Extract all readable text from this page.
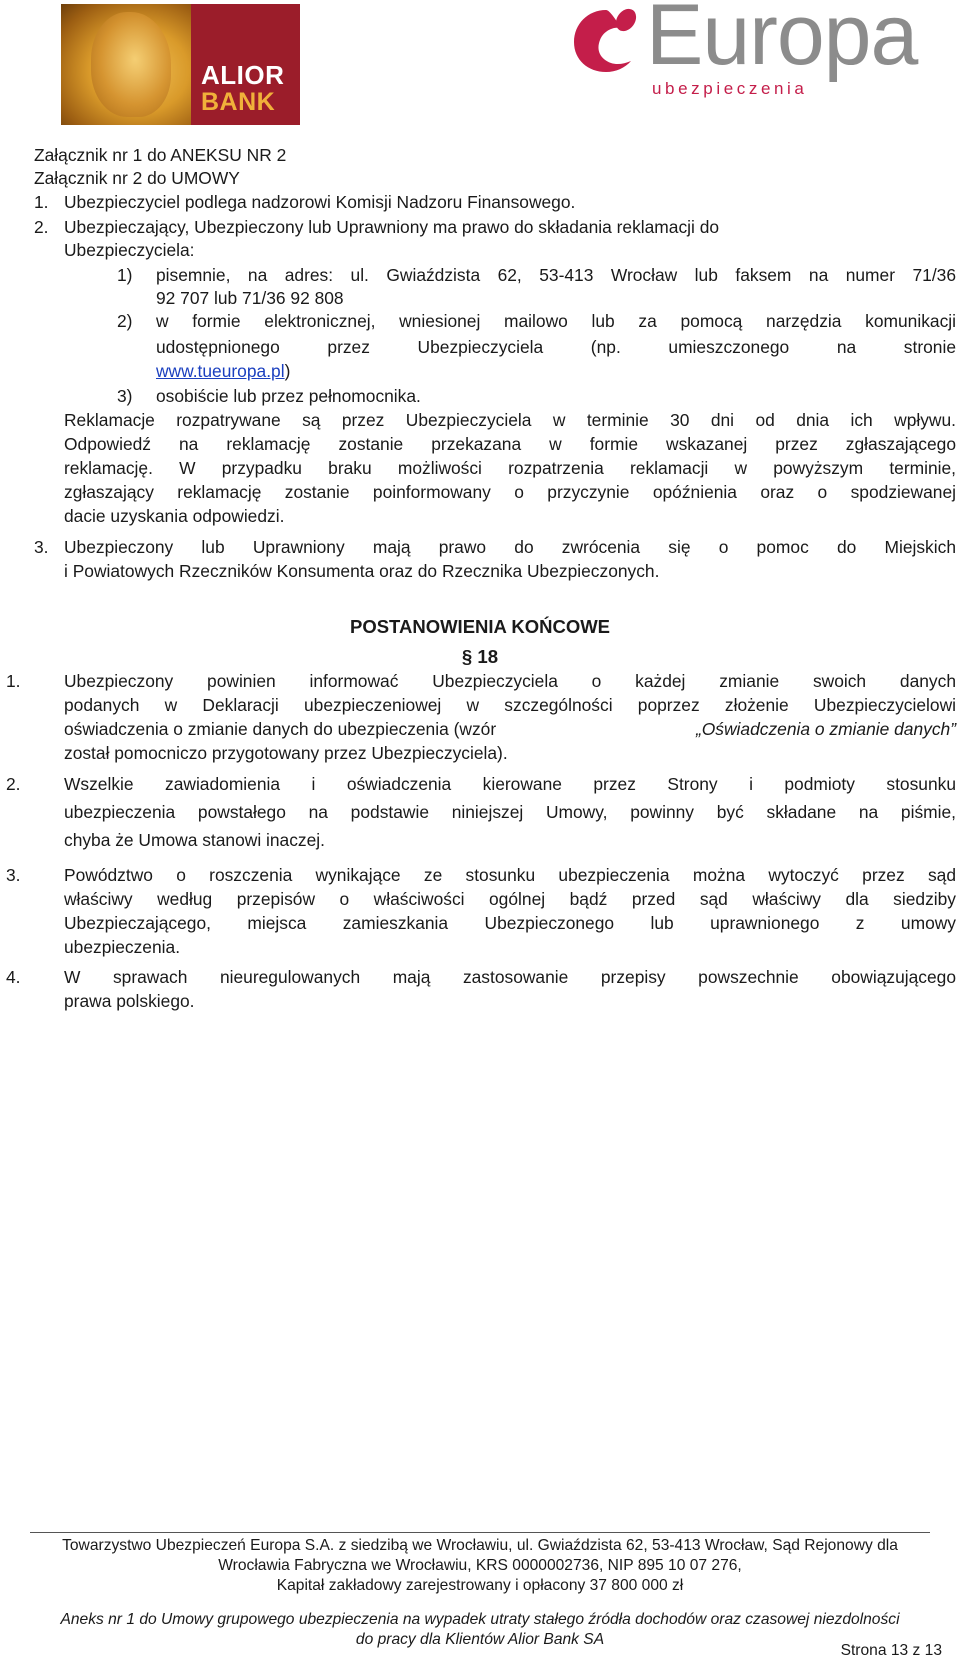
ALIOR
BANK
Europa
ubezpieczenia
Załącznik nr 1 do ANEKSU NR 2
Załącznik nr 2 do UMOWY
1. Ubezpieczyciel podlega nadzorowi Komisji Nadzoru Finansowego.
2. Ubezpieczający, Ubezpieczony lub Uprawniony ma prawo do składania reklamacji do
Ubezpieczyciela:
1) pisemnie, na adres: ul. Gwiaździsta 62, 53-413 Wrocław lub faksem na numer 71/36
92 707 lub 71/36 92 808
2) w formie elektronicznej, wniesionej mailowo lub za pomocą narzędzia komunikacji
udostępnionego przez Ubezpieczyciela (np. umieszczonego na stronie
www.tueuropa.pl)
3) osobiście lub przez pełnomocnika.
Reklamacje rozpatrywane są przez Ubezpieczyciela w terminie 30 dni od dnia ich wpływu.
Odpowiedź na reklamację zostanie przekazana w formie wskazanej przez zgłaszającego
reklamację. W przypadku braku możliwości rozpatrzenia reklamacji w powyższym terminie,
zgłaszający reklamację zostanie poinformowany o przyczynie opóźnienia oraz o spodziewanej
dacie uzyskania odpowiedzi.
3. Ubezpieczony lub Uprawniony mają prawo do zwrócenia się o pomoc do Miejskich
i Powiatowych Rzeczników Konsumenta oraz do Rzecznika Ubezpieczonych.
POSTANOWIENIA KOŃCOWE
§ 18
1. Ubezpieczony powinien informować Ubezpieczyciela o każdej zmianie swoich danych
podanych w Deklaracji ubezpieczeniowej w szczególności poprzez złożenie Ubezpieczycielowi
oświadczenia o zmianie danych do ubezpieczenia (wzór	„Oświadczenia o zmianie danych”
został pomocniczo przygotowany przez Ubezpieczyciela).
2. Wszelkie zawiadomienia i oświadczenia kierowane przez Strony i podmioty stosunku
ubezpieczenia powstałego na podstawie niniejszej Umowy, powinny być składane na piśmie,
chyba że Umowa stanowi inaczej.
3. Powództwo o roszczenia wynikające ze stosunku ubezpieczenia można wytoczyć przez sąd
właściwy według przepisów o właściwości ogólnej bądź przed sąd właściwy dla siedziby
Ubezpieczającego, miejsca zamieszkania Ubezpieczonego lub uprawnionego z umowy
ubezpieczenia.
4. W sprawach nieuregulowanych mają zastosowanie przepisy powszechnie obowiązującego
prawa polskiego.
Towarzystwo Ubezpieczeń Europa S.A. z siedzibą we Wrocławiu, ul. Gwiaździsta 62, 53-413 Wrocław, Sąd Rejonowy dla
Wrocławia Fabryczna we Wrocławiu, KRS 0000002736, NIP 895 10 07 276,
Kapitał zakładowy zarejestrowany i opłacony 37 800 000 zł
Aneks nr 1 do Umowy grupowego ubezpieczenia na wypadek utraty stałego źródła dochodów oraz czasowej niezdolności
do pracy dla Klientów Alior Bank SA
Strona 13 z 13
